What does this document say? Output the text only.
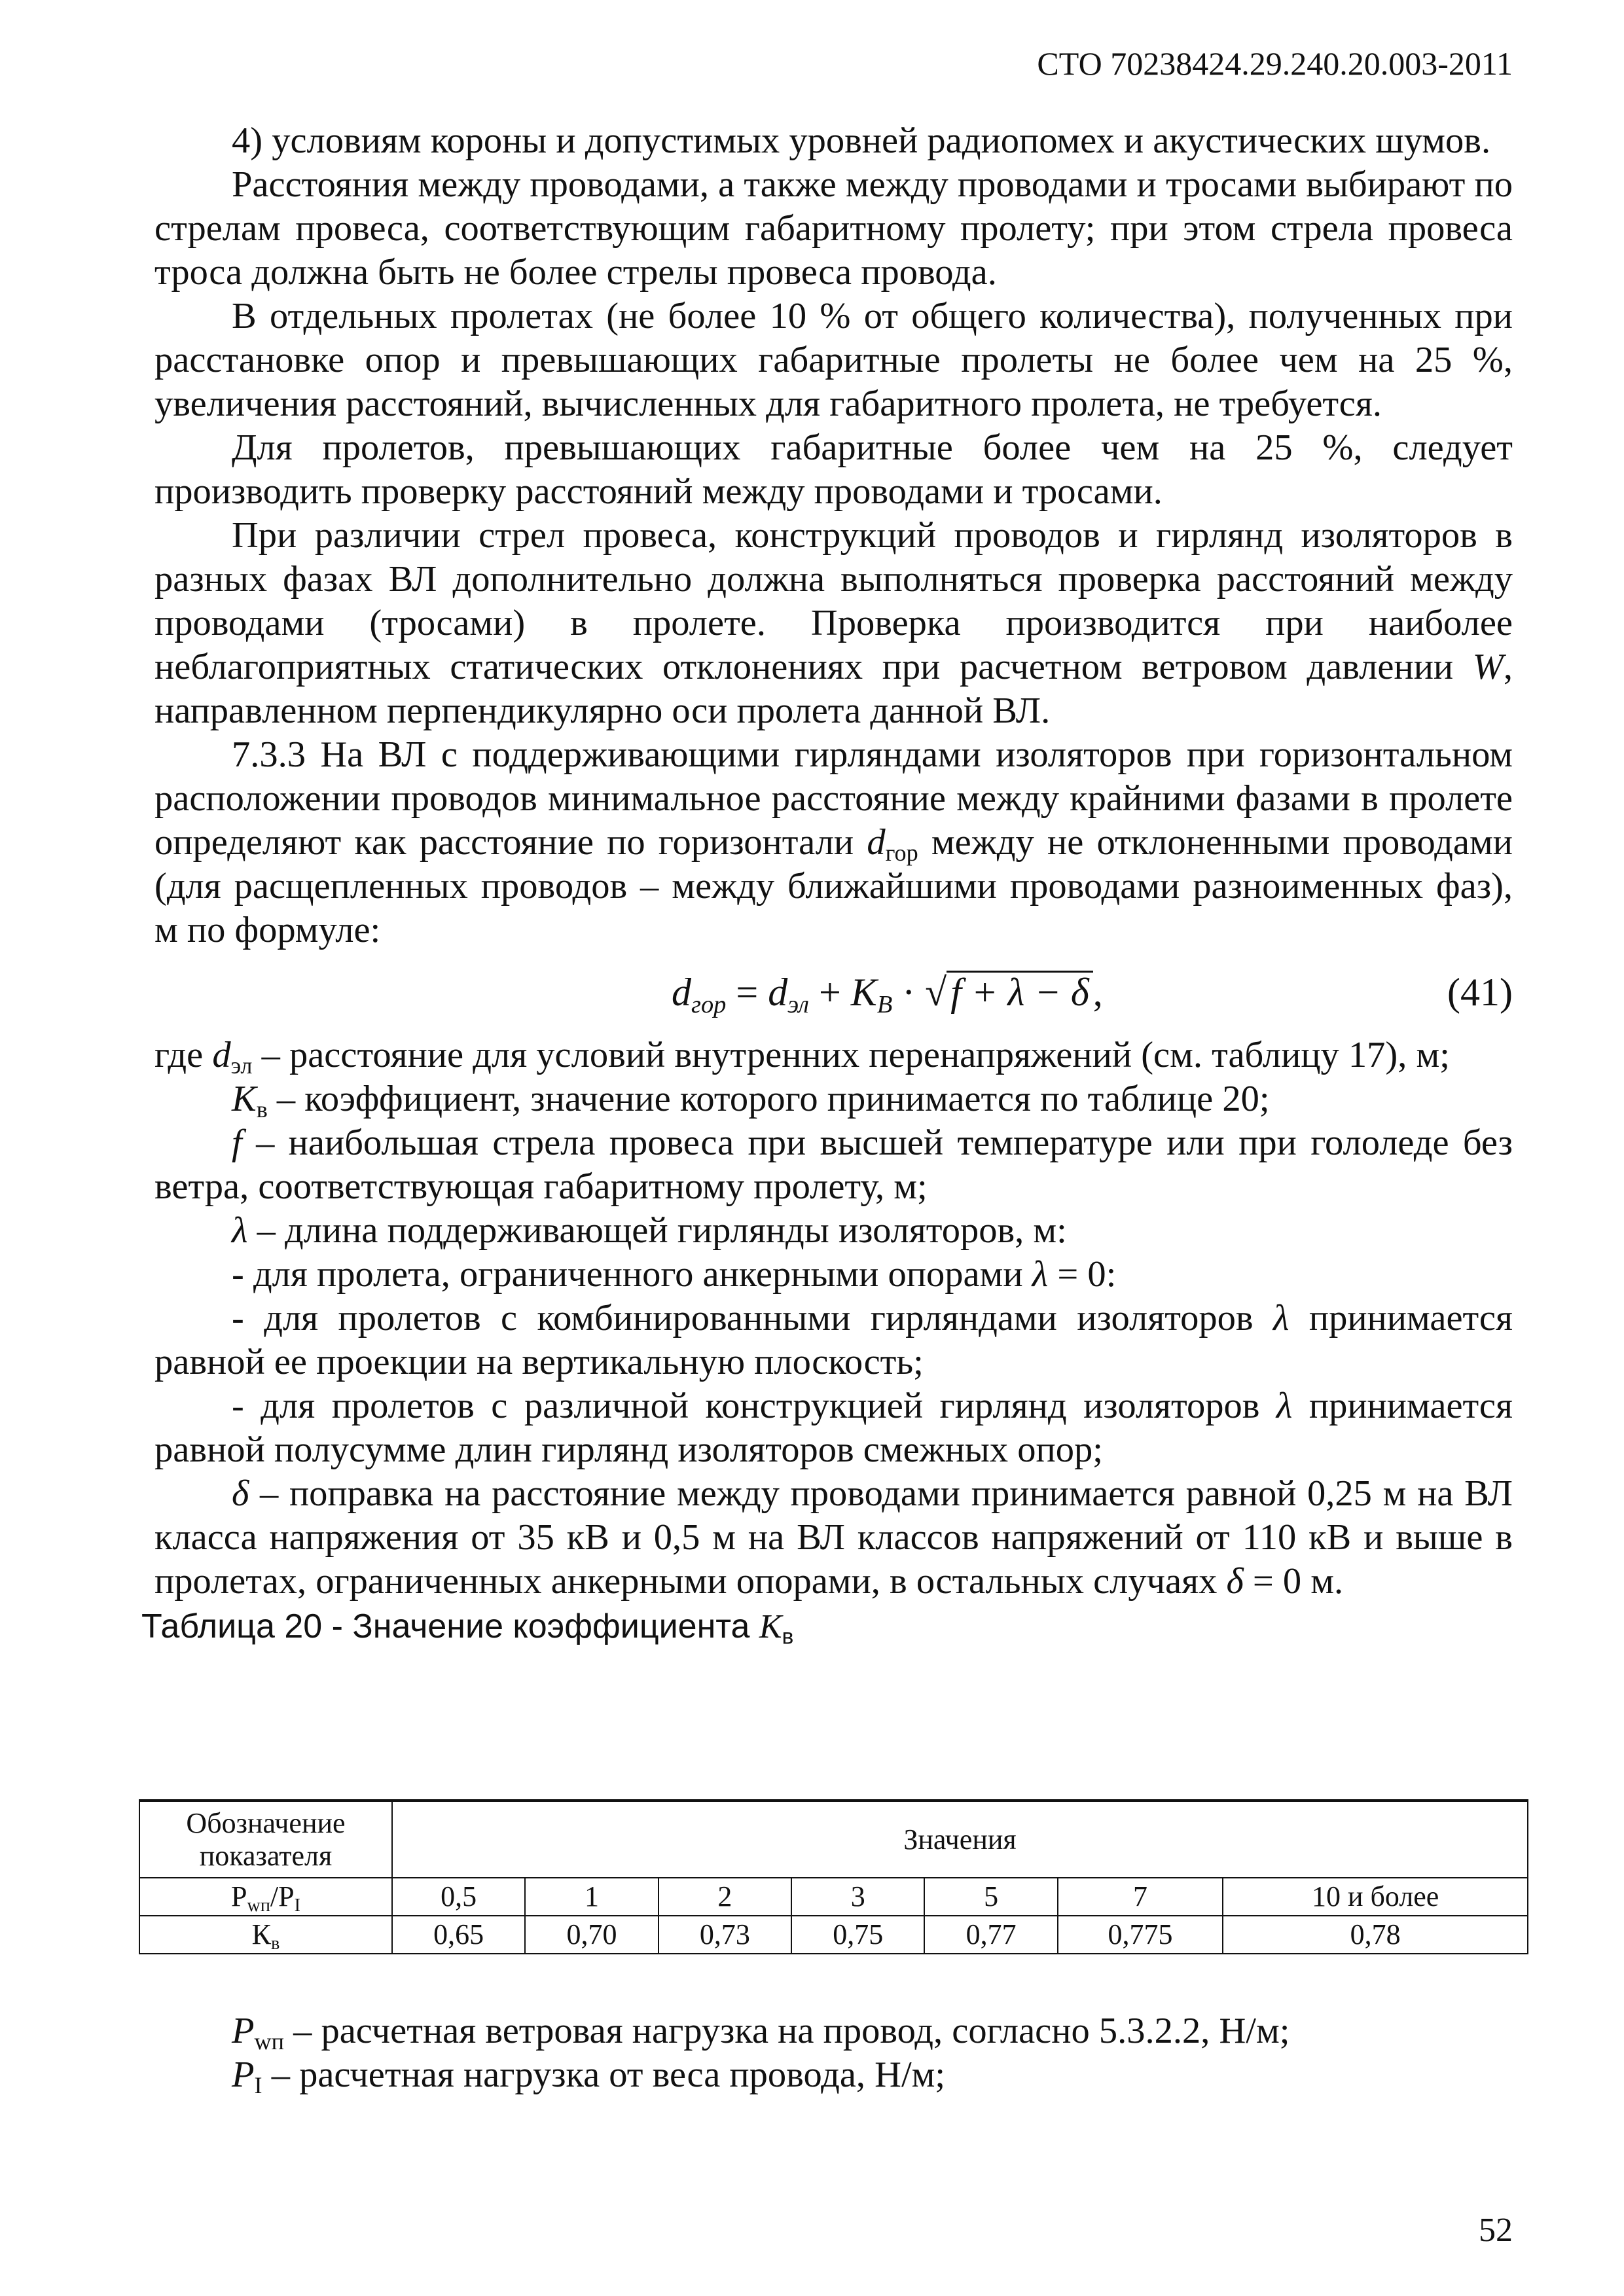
СТО 70238424.29.240.20.003-2011

4) условиям короны и допустимых уровней радиопомех и акустических шумов.

Расстояния между проводами, а также между проводами и тросами выбирают по стрелам провеса, соответствующим габаритному пролету; при этом стрела провеса троса должна быть не более стрелы провеса провода.

В отдельных пролетах (не более 10 % от общего количества), полученных при расстановке опор и превышающих габаритные пролеты не более чем на 25 %, увеличения расстояний, вычисленных для габаритного пролета, не требуется.

Для пролетов, превышающих габаритные более чем на 25 %, следует производить проверку расстояний между проводами и тросами.

При различии стрел провеса, конструкций проводов и гирлянд изоляторов в разных фазах ВЛ дополнительно должна выполняться проверка расстояний между проводами (тросами) в пролете. Проверка производится при наиболее неблагоприятных статических отклонениях при расчетном ветровом давлении W, направленном перпендикулярно оси пролета данной ВЛ.

7.3.3 На ВЛ с поддерживающими гирляндами изоляторов при горизонтальном расположении проводов минимальное расстояние между крайними фазами в пролете определяют как расстояние по горизонтали $d_{гор}$ между не отклоненными проводами (для расщепленных проводов – между ближайшими проводами разноименных фаз), м по формуле:

$d_{гор} = d_{эл} + K_B$ · √ f + λ − δ ,	(41)

где $d_{эл}$ – расстояние для условий внутренних перенапряжений (см. таблицу 17), м;

$K_в$ – коэффициент, значение которого принимается по таблице 20;

f – наибольшая стрела провеса при высшей температуре или при гололеде без ветра, соответствующая габаритному пролету, м;

λ – длина поддерживающей гирлянды изоляторов, м:

- для пролета, ограниченного анкерными опорами λ = 0:

- для пролетов с комбинированными гирляндами изоляторов λ принимается равной ее проекции на вертикальную плоскость;

- для пролетов с различной конструкцией гирлянд изоляторов λ принимается равной полусумме длин гирлянд изоляторов смежных опор;

δ – поправка на расстояние между проводами принимается равной 0,25 м на ВЛ класса напряжения от 35 кВ и 0,5 м на ВЛ классов напряжений от 110 кВ и выше в пролетах, ограниченных анкерными опорами, в остальных случаях δ = 0 м.

Таблица 20 - Значение коэффициента $K_в$
Обозначение показателя	Значения						
$P_{wп}/P_I$	0,5	1	2	3	5	7	10 и более
$К_в$	0,65	0,70	0,73	0,75	0,77	0,775	0,78

$P_{wп}$ – расчетная ветровая нагрузка на провод, согласно 5.3.2.2, Н/м;

$P_I$ – расчетная нагрузка от веса провода, Н/м;

52
